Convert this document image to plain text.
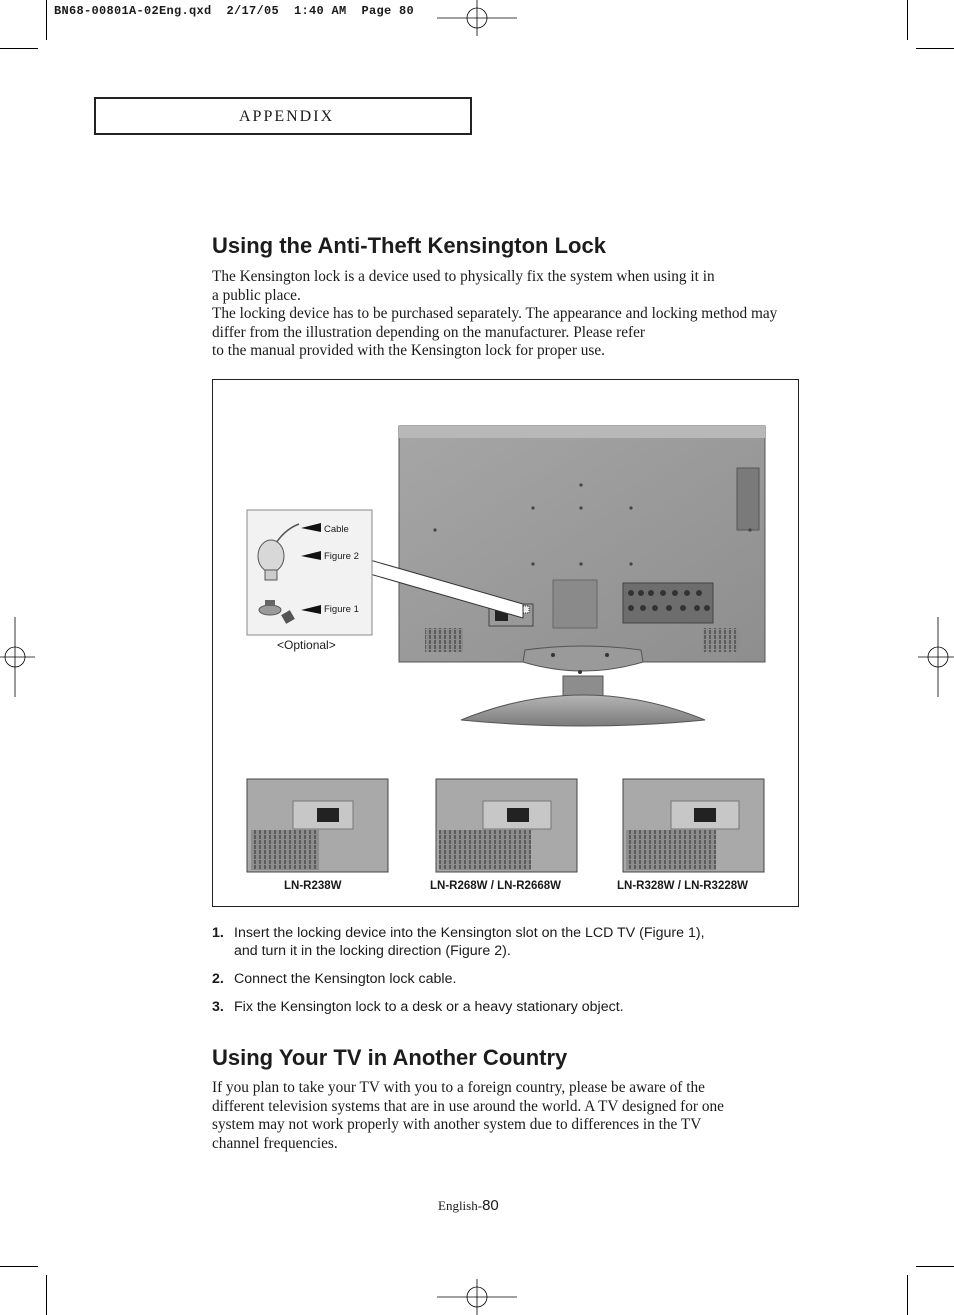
BN68-00801A-02Eng.qxd  2/17/05  1:40 AM  Page 80
APPENDIX
Using the Anti-Theft Kensington Lock
The Kensington lock is a device used to physically fix the system when using it in
a public place.
The locking device has to be purchased separately. The appearance and locking method may
differ from the illustration depending on the manufacturer. Please refer
to the manual provided with the Kensington lock for proper use.
Cable
Figure 2
Figure 1
<Optional>
LN-R238W	LN-R268W / LN-R2668W	LN-R328W / LN-R3228W
1. Insert the locking device into the Kensington slot on the LCD TV (Figure 1),
and turn it in the locking direction (Figure 2).
2. Connect the Kensington lock cable.
3. Fix the Kensington lock to a desk or a heavy stationary object.
Using Your TV in Another Country
If you plan to take your TV with you to a foreign country, please be aware of the
different television systems that are in use around the world. A TV designed for one
system may not work properly with another system due to differences in the TV
channel frequencies.
English-80
